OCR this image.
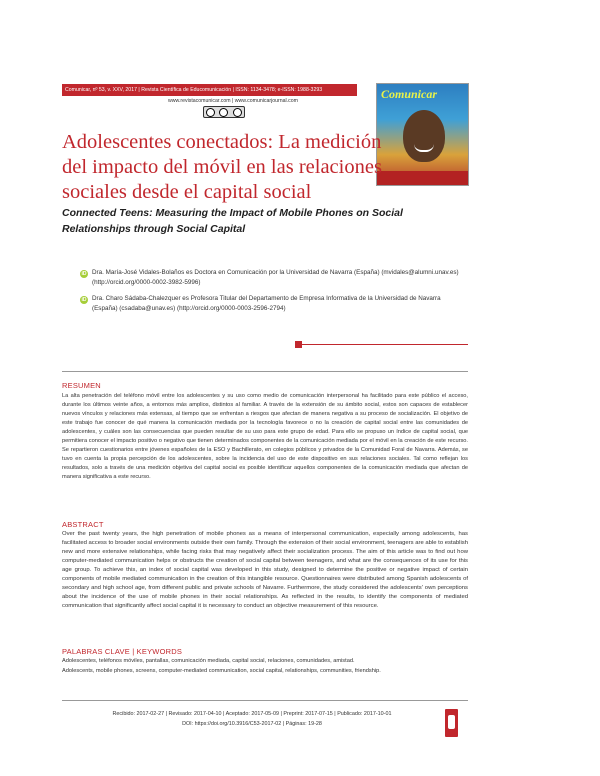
Comunicar, nº 53, v. XXV, 2017 | Revista Científica de Educomunicación | ISSN: 1134-3478; e-ISSN: 1988-3293
www.revistacomunicar.com | www.comunicarjournal.com	Comunicar
Adolescentes conectados: La medición del impacto del móvil en las relaciones sociales desde el capital social
Connected Teens: Measuring the Impact of Mobile Phones on Social Relationships through Social Capital
iD Dra. María-José Vidales-Bolaños es Doctora en Comunicación por la Universidad de Navarra (España) (mvidales@alumni.unav.es) (http://orcid.org/0000-0002-3982-5996)
iD Dra. Charo Sádaba-Chalezquer es Profesora Titular del Departamento de Empresa Informativa de la Universidad de Navarra (España) (csadaba@unav.es) (http://orcid.org/0000-0003-2596-2794)
RESUMEN
La alta penetración del teléfono móvil entre los adolescentes y su uso como medio de comunicación interpersonal ha facilitado para este público el acceso, durante los últimos veinte años, a entornos más amplios, distintos al familiar. A través de la extensión de su ámbito social, estos son capaces de establecer nuevos vínculos y relaciones más extensas, al tiempo que se enfrentan a riesgos que afectan de manera negativa a su proceso de socialización. El objetivo de este trabajo fue conocer de qué manera la comunicación mediada por la tecnología favorece o no la creación de capital social entre las comunidades de adolescentes, y cuáles son las consecuencias que pueden resultar de su uso para este grupo de edad. Para ello se propuso un índice de capital social, que permitiera conocer el impacto positivo o negativo que tienen determinados componentes de la comunicación mediada por el móvil en la creación de este recurso. Se repartieron cuestionarios entre jóvenes españoles de la ESO y Bachillerato, en colegios públicos y privados de la Comunidad Foral de Navarra. Además, se tuvo en cuenta la propia percepción de los adolescentes, sobre la incidencia del uso de este dispositivo en sus relaciones sociales. Tal como reflejan los resultados, solo a través de una medición objetiva del capital social es posible identificar aquellos componentes de la comunicación mediada que afectan de manera significativa a este recurso.
ABSTRACT
Over the past twenty years, the high penetration of mobile phones as a means of interpersonal communication, especially among adolescents, has facilitated access to broader social environments outside their own family. Through the extension of their social environment, teenagers are able to establish new and more extensive relationships, while facing risks that may negatively affect their socialization process. The aim of this article was to find out how computer-mediated communication helps or obstructs the creation of social capital between teenagers, and what are the consequences of its use for this age group. To achieve this, an index of social capital was developed in this study, designed to determine the positive or negative impact of certain components of mobile mediated communication in the creation of this intangible resource. Questionnaires were distributed among Spanish adolescents of secondary and high school age, from different public and private schools of Navarre. Furthermore, the study considered the adolescents' own perceptions about the incidence of the use of mobile phones in their social relationships. As reflected in the results, to identify the components of mediated communication that significantly affect social capital it is necessary to conduct an objective measurement of this resource.
PALABRAS CLAVE | KEYWORDS
Adolescentes, teléfonos móviles, pantallas, comunicación mediada, capital social, relaciones, comunidades, amistad.
Adolescents, mobile phones, screens, computer-mediated communication, social capital, relationships, communities, friendship.
Recibido: 2017-02-27 | Revisado: 2017-04-10 | Aceptado: 2017-05-09 | Preprint: 2017-07-15 | Publicado: 2017-10-01
DOI: https://doi.org/10.3916/C53-2017-02 | Páginas: 19-28
